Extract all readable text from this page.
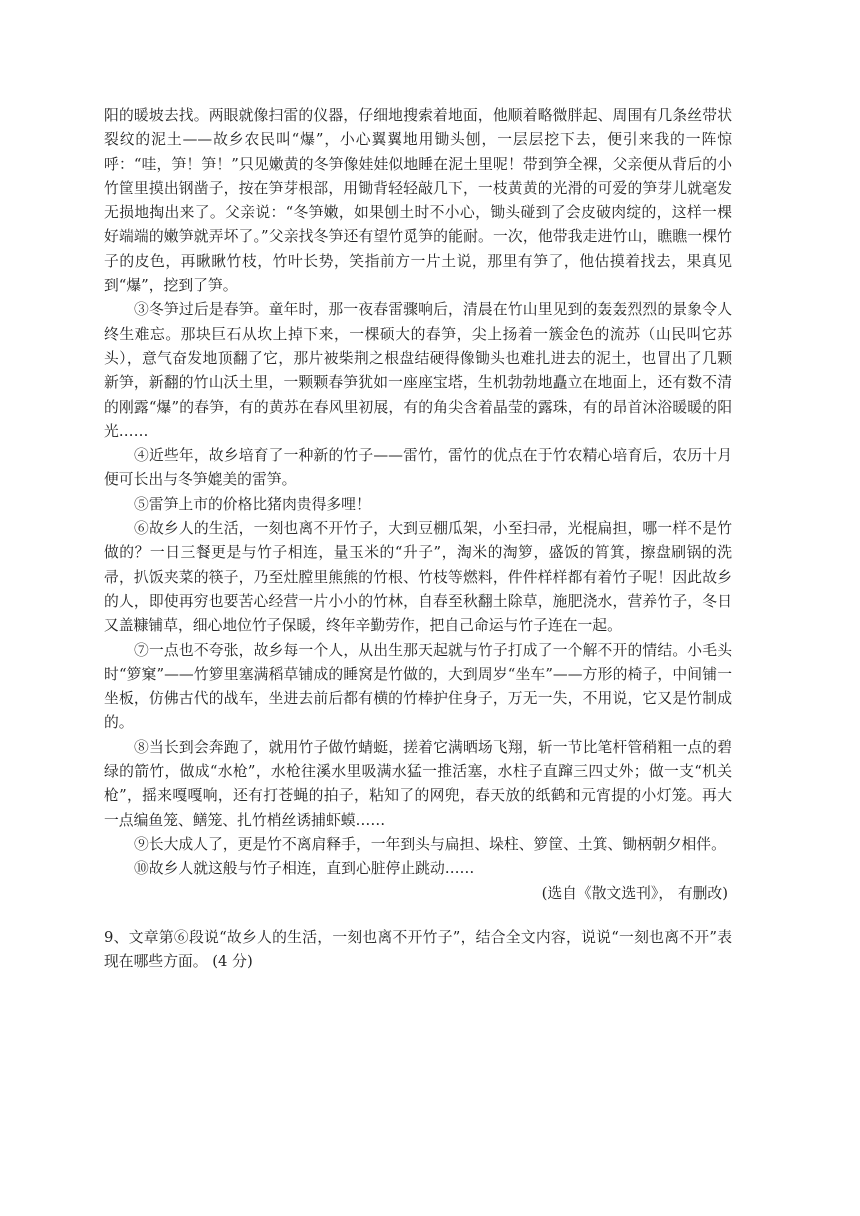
阳的暖坡去找。两眼就像扫雷的仪器，仔细地搜索着地面，他顺着略微胖起、周围有几条丝带状裂纹的泥土——故乡农民叫“爆”，小心翼翼地用锄头刨，一层层挖下去，便引来我的一阵惊呼：“哇，笋！笋！”只见嫩黄的冬笋像娃娃似地睡在泥土里呢！带到笋全裸，父亲便从背后的小竹筐里摸出钢凿子，按在笋芽根部，用锄背轻轻敲几下，一枝黄黄的光滑的可爱的笋芽儿就毫发无损地掏出来了。父亲说：“冬笋嫩，如果刨土时不小心，锄头碰到了会皮破肉绽的，这样一棵好端端的嫩笋就弄坏了。”父亲找冬笋还有望竹觅笋的能耐。一次，他带我走进竹山，瞧瞧一棵竹子的皮色，再瞅瞅竹枝，竹叶长势，笑指前方一片土说，那里有笋了，他估摸着找去，果真见到“爆”，挖到了笋。

③冬笋过后是春笋。童年时，那一夜春雷骤响后，清晨在竹山里见到的轰轰烈烈的景象令人终生难忘。那块巨石从坎上掉下来，一棵硕大的春笋，尖上扬着一簇金色的流苏（山民叫它苏头），意气奋发地顶翻了它，那片被柴荆之根盘结硬得像锄头也难扎进去的泥土，也冒出了几颗新笋，新翻的竹山沃土里，一颗颗春笋犹如一座座宝塔，生机勃勃地矗立在地面上，还有数不清的刚露“爆”的春笋，有的黄苏在春风里初展，有的角尖含着晶莹的露珠，有的昂首沐浴暖暖的阳光……

④近些年，故乡培育了一种新的竹子——雷竹，雷竹的优点在于竹农精心培育后，农历十月便可长出与冬笋媲美的雷笋。

⑤雷笋上市的价格比猪肉贵得多哩！

⑥故乡人的生活，一刻也离不开竹子，大到豆棚瓜架，小至扫帚，光棍扁担，哪一样不是竹做的？一日三餐更是与竹子相连，量玉米的“升子”，淘米的淘箩，盛饭的筲箕，擦盘刷锅的洗帚，扒饭夹菜的筷子，乃至灶膛里熊熊的竹根、竹枝等燃料，件件样样都有着竹子呢！因此故乡的人，即使再穷也要苦心经营一片小小的竹林，自春至秋翻土除草，施肥浇水，营养竹子，冬日又盖糠铺草，细心地位竹子保暖，终年辛勤劳作，把自己命运与竹子连在一起。

⑦一点也不夸张，故乡每一个人，从出生那天起就与竹子打成了一个解不开的情结。小毛头时“箩窠”——竹箩里塞满稻草铺成的睡窝是竹做的，大到周岁“坐车”——方形的椅子，中间铺一坐板，仿佛古代的战车，坐进去前后都有横的竹棒护住身子，万无一失，不用说，它又是竹制成的。

⑧当长到会奔跑了，就用竹子做竹蜻蜓，搓着它满晒场飞翔，斩一节比笔杆管稍粗一点的碧绿的箭竹，做成“水枪”，水枪往溪水里吸满水猛一推活塞，水柱子直蹿三四丈外；做一支“机关枪”，摇来嘎嘎响，还有打苍蝇的拍子，粘知了的网兜，春天放的纸鹤和元宵提的小灯笼。再大一点编鱼笼、鳝笼、扎竹梢丝诱捕虾蟆……

⑨长大成人了，更是竹不离肩释手，一年到头与扁担、垛柱、箩筐、土箕、锄柄朝夕相伴。

⑩故乡人就这般与竹子相连，直到心脏停止跳动……

(选自《散文选刊》， 有删改)

9、文章第⑥段说“故乡人的生活，一刻也离不开竹子”，结合全文内容，说说“一刻也离不开”表现在哪些方面。 (4 分)
